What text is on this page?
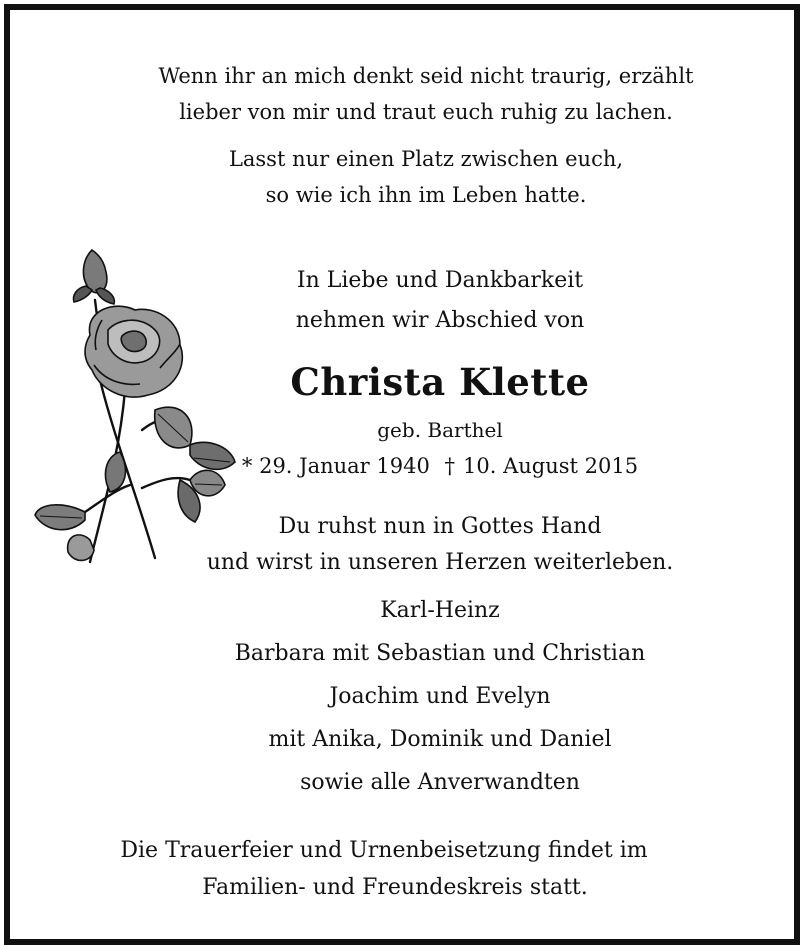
Wenn ihr an mich denkt seid nicht traurig, erzählt
lieber von mir und traut euch ruhig zu lachen.
Lasst nur einen Platz zwischen euch,
so wie ich ihn im Leben hatte.
In Liebe und Dankbarkeit
nehmen wir Abschied von
Christa Klette
geb. Barthel
* 29. Januar 1940 † 10. August 2015
Du ruhst nun in Gottes Hand
und wirst in unseren Herzen weiterleben.
Karl-Heinz
Barbara mit Sebastian und Christian
Joachim und Evelyn
mit Anika, Dominik und Daniel
sowie alle Anverwandten
Die Trauerfeier und Urnenbeisetzung findet im
Familien- und Freundeskreis statt.
